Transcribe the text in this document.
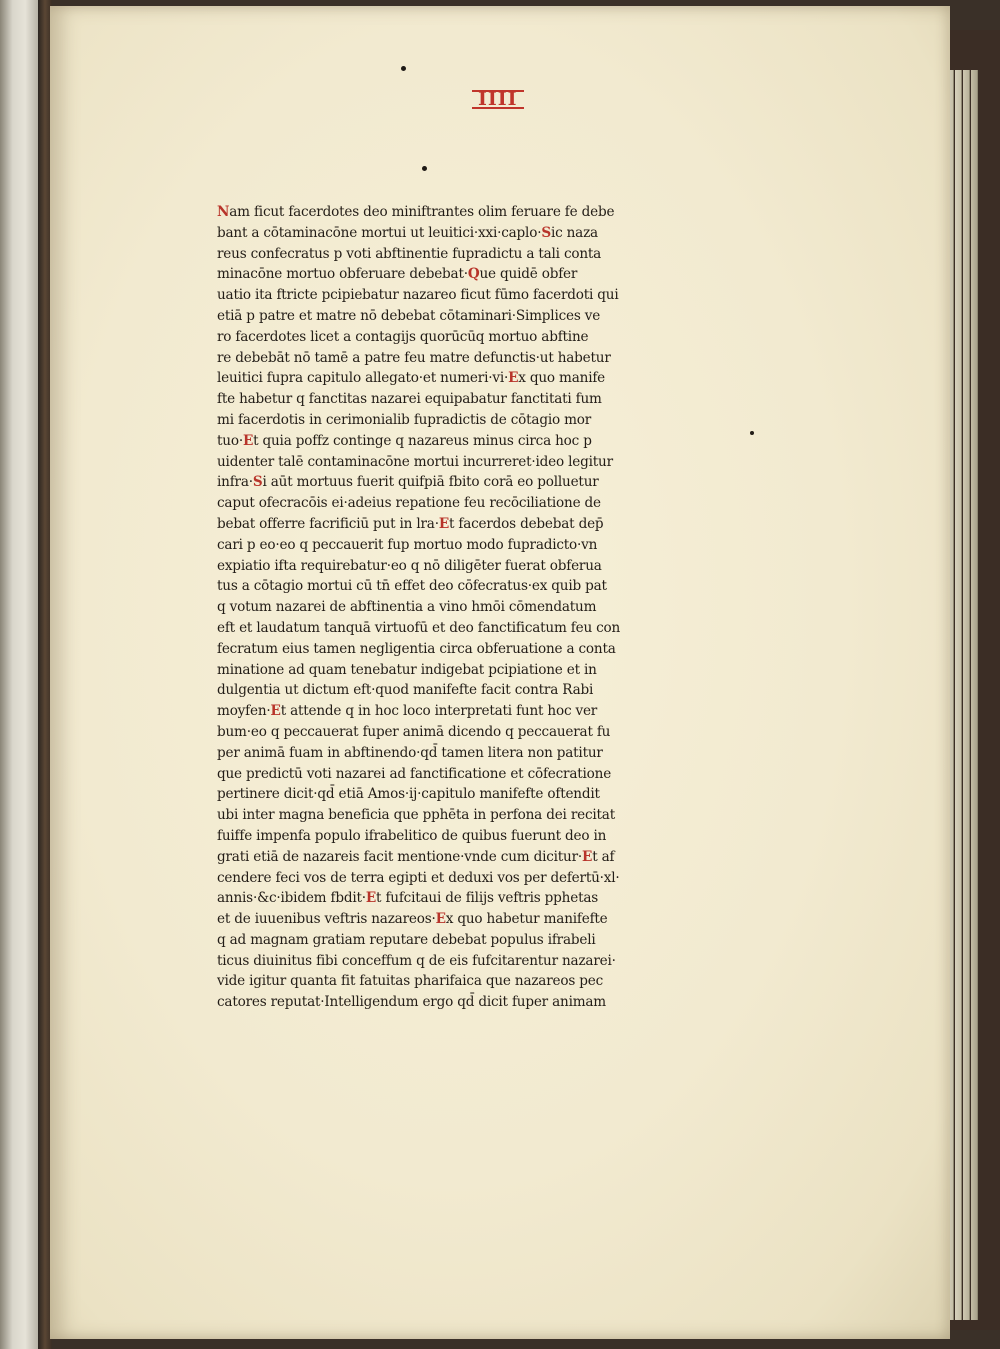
IIII
Nam ficut facerdotes deo miniftrantes olim feruare fe debe
bant a cōtaminacōne mortui ut leuitici·xxi·caplo·Sic naza
reus confecratus p voti abftinentie fupradictu a tali conta
minacōne mortuo obferuare debebat·Que quidē obfer
uatio ita ftricte pcipiebatur nazareo ficut fūmo facerdoti qui
etiā p patre et matre nō debebat cōtaminari·Simplices ve
ro facerdotes licet a contagijs quorūcūq mortuo abftine
re debebāt nō tamē a patre feu matre defunctis·ut habetur
leuitici fupra capitulo allegato·et numeri·vi·Ex quo manife
fte habetur q fanctitas nazarei equipabatur fanctitati fum
mi facerdotis in cerimonialib fupradictis de cōtagio mor
tuo·Et quia poffz continge q nazareus minus circa hoc p
uidenter talē contaminacōne mortui incurreret·ideo legitur
infra·Si aūt mortuus fuerit quifpiā fbito corā eo polluetur
caput ofecracōis ei·adeius repatione feu recōciliatione de
bebat offerre facrificiū put in lra·Et facerdos debebat dep̄
cari p eo·eo q peccauerit fup mortuo modo fupradicto·vn
expiatio ifta requirebatur·eo q nō diligēter fuerat obferua
tus a cōtagio mortui cū tn̄ effet deo cōfecratus·ex quib pat
q votum nazarei de abftinentia a vino hmōi cōmendatum
eft et laudatum tanquā virtuofū et deo fanctificatum feu con
fecratum eius tamen negligentia circa obferuatione a conta
minatione ad quam tenebatur indigebat pcipiatione et in
dulgentia ut dictum eft·quod manifefte facit contra Rabi
moyfen·Et attende q in hoc loco interpretati funt hoc ver
bum·eo q peccauerat fuper animā dicendo q peccauerat fu
per animā fuam in abftinendo·qd̄ tamen litera non patitur
que predictū voti nazarei ad fanctificatione et cōfecratione
pertinere dicit·qd̄ etiā Amos·ij·capitulo manifefte oftendit
ubi inter magna beneficia que pphēta in perfona dei recitat
fuiffe impenfa populo ifrabelitico de quibus fuerunt deo in
grati etiā de nazareis facit mentione·vnde cum dicitur·Et af
cendere feci vos de terra egipti et deduxi vos per defertū·xl·
annis·&c·ibidem fbdit·Et fufcitaui de filijs veftris pphetas
et de iuuenibus veftris nazareos·Ex quo habetur manifefte
q ad magnam gratiam reputare debebat populus ifrabeli
ticus diuinitus fibi conceffum q de eis fufcitarentur nazarei·
vide igitur quanta fit fatuitas pharifaica que nazareos pec
catores reputat·Intelligendum ergo qd̄ dicit fuper animam
